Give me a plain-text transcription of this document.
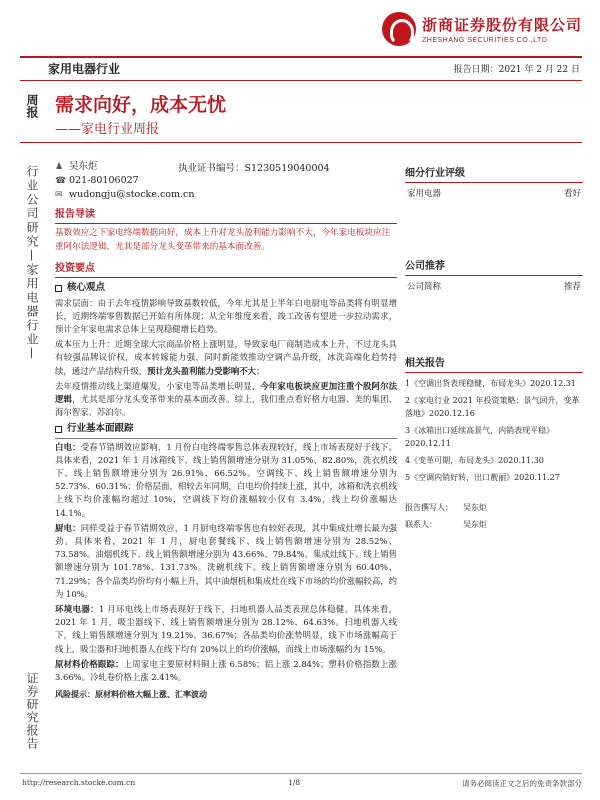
浙商证券股份有限公司
ZHESHANG SECURITIES CO.,LTD
家用电器行业	报告日期：2021 年 2 月 22 日
周报
行业公司研究—家用电器行业—
证券研究报告
需求向好，成本无忧
——家电行业周报
♟ 吴东炬
☎ 021-80106027
✉ wudongju@stocke.com.cn
执业证书编号：S1230519040004	细分行业评级
家用电器	看好
公司推荐
公司简称	推荐
相关报告
1《空调出货表现稳健，布局龙头》2020.12.31
2《家电行业 2021 年投资策略：景气回升，变革落地》2020.12.16
3《冰箱出口延续高景气，内销表现平稳》2020.12.11
4《变革可期，布局龙头》2020.11.30
5《空调内销好转，出口靓丽》2020.11.27
报告撰写人：	吴东炬
联系人：	吴东炬
报告导读
基数效应之下家电终端数据向好，成本上升对龙头盈利能力影响不大，今年家电板块应注重阿尔法逻辑，尤其是部分龙头变革带来的基本面改善。
投资要点
核心观点

需求层面：由于去年疫情影响导致基数较低，今年尤其是上半年白电厨电等品类将有明显增长，近期终端零售数据已开始有所体现；从全年维度来看，竣工改善有望进一步拉动需求，预计全年家电需求总体上呈现稳健增长趋势。

成本压力上升：近期全球大宗商品价格上涨明显，导致家电厂商制造成本上升，不过龙头具有较强品牌议价权，成本转嫁能力强，同时新能效推动空调产品升级，冰洗高端化趋势持续，通过产品结构升级，预计龙头盈利能力受影响不大；

去年疫情推动线上渠道爆发，小家电等品类增长明显，今年家电板块应更加注重个股阿尔法逻辑，尤其是部分龙头变革带来的基本面改善。综上，我们重点看好格力电器、美的集团、海尔智家、苏泊尔。

行业基本面跟踪

白电：受春节错期效应影响，1 月份白电终端零售总体表现较好，线上市场表现好于线下。具体来看，2021 年 1 月冰箱线下、线上销售额增速分别为 31.05%、82.80%，洗衣机线下、线上销售额增速分别为 26.91%、66.52%。空调线下、线上销售额增速分别为 52.73%、60.31%；价格层面，相较去年同期，白电均价持续上涨，其中，冰箱和洗衣机线上线下均价涨幅均超过 10%，空调线下均价涨幅较小仅有 3.4%，线上均价涨幅达 14.1%。

厨电：同样受益于春节错期效应，1 月厨电终端零售也有较好表现，其中集成灶增长最为强劲。具体来看，2021 年 1 月，厨电套餐线下、线上销售额增速分别为 28.52%、73.58%。油烟机线下、线上销售额增速分别为 43.66%、79.84%。集成灶线下、线上销售额增速分别为 101.78%、131.73%。洗碗机线下、线上销售额增速分别为 60.40%、71.29%；各个品类均价均有小幅上升，其中油烟机和集成灶在线下市场的均价涨幅较高，约为 10%。

环境电器：1 月环电线上市场表现好于线下，扫地机器人品类表现总体稳健。具体来看，2021 年 1 月，吸尘器线下、线上销售额增速分别为 28.12%、64.63%。扫地机器人线下，线上销售额增速分别为 19.21%、36.67%；各品类均价涨势明显，线下市场涨幅高于线上，吸尘器和扫地机器人在线下均有 20%以上的均价涨幅，而线上市场涨幅约为 15%。

原材料价格跟踪：上周家电主要原材料铜上涨 6.58%；铝上涨 2.84%；塑料价格指数上涨 3.66%。冷轧卷价格上涨 2.41%。

风险提示：原材料价格大幅上涨、汇率波动
http://research.stocke.com.cn	1/8	请务必阅读正文之后的免责条款部分
